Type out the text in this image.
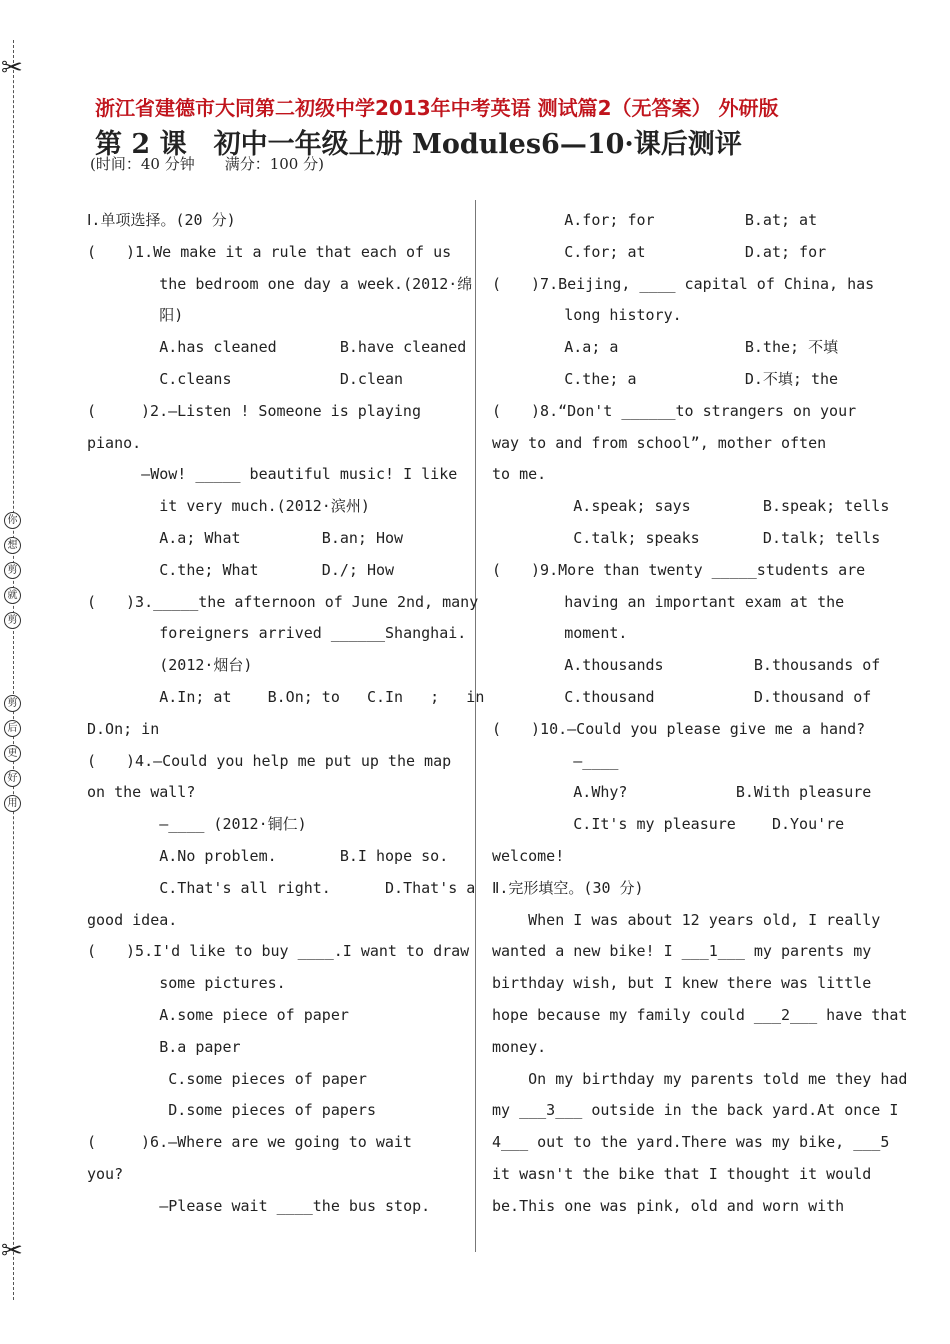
✂
✂
你
想
剪
就
剪
剪
后
更
好
用
浙江省建德市大同第二初级中学2013年中考英语 测试篇2（无答案） 外研版
第 2 课　初中一年级上册 Modules6—10·课后测评
(时间：40 分钟　　满分：100 分)
Ⅰ.单项选择。(20 分)
(　　)1.We make it a rule that each of us
the bedroom one day a week.(2012·绵
阳)
A.has cleaned       B.have cleaned
C.cleans            D.clean
(　　　)2.—Listen ! Someone is playing
piano.
—Wow! _____ beautiful music! I like
it very much.(2012·滨州)
A.a; What         B.an; How
C.the; What       D./; How
(　　)3._____the afternoon of June 2nd, many
foreigners arrived ______Shanghai.
(2012·烟台)
A.In; at    B.On; to   C.In   ;   in
D.On; in
(　　)4.—Could you help me put up the map
on the wall?
—____ (2012·铜仁)
A.No problem.       B.I hope so.
C.That's all right.      D.That's a
good idea.
(　　)5.I'd like to buy ____.I want to draw
some pictures.
A.some piece of paper
B.a paper
C.some pieces of paper
D.some pieces of papers
(　　　)6.—Where are we going to wait
you?
—Please wait ____the bus stop.
A.for; for          B.at; at
C.for; at           D.at; for
(　　)7.Beijing, ____ capital of China, has
long history.
A.a; a              B.the; 不填
C.the; a            D.不填; the
(　　)8.“Don't ______to strangers on your
way to and from school”, mother often
to me.
A.speak; says        B.speak; tells
C.talk; speaks       D.talk; tells
(　　)9.More than twenty _____students are
having an important exam at the
moment.
A.thousands          B.thousands of
C.thousand           D.thousand of
(　　)10.—Could you please give me a hand?
—____
A.Why?            B.With pleasure
C.It's my pleasure    D.You're
welcome!
Ⅱ.完形填空。(30 分)
When I was about 12 years old, I really
wanted a new bike! I ___1___ my parents my
birthday wish, but I knew there was little
hope because my family could ___2___ have that
money.
On my birthday my parents told me they had
my ___3___ outside in the back yard.At once I
4___ out to the yard.There was my bike, ___5
it wasn't the bike that I thought it would
be.This one was pink, old and worn with
